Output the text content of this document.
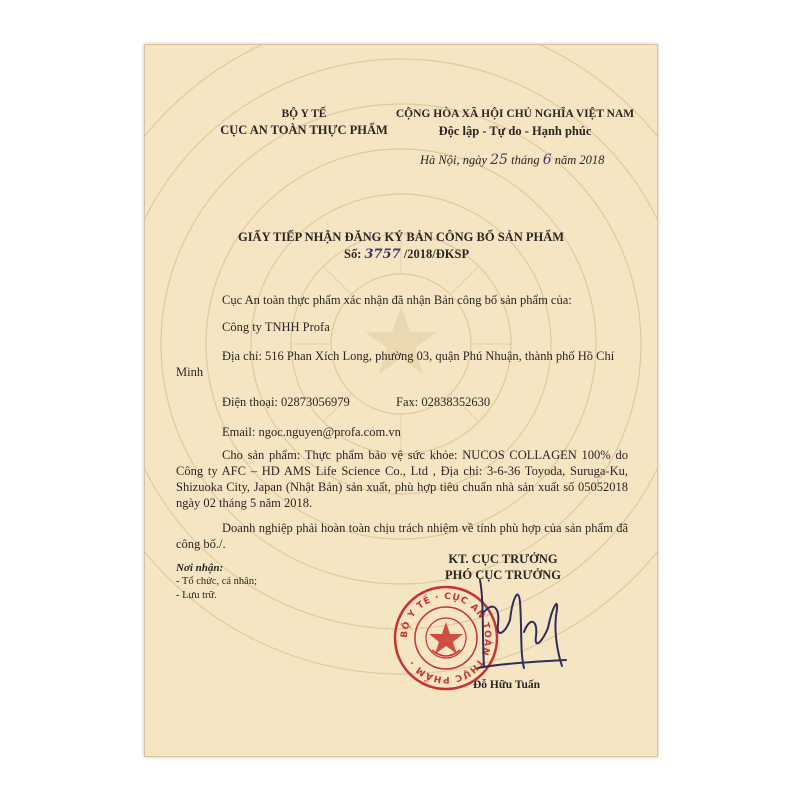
BỘ Y TẾ
CỤC AN TOÀN THỰC PHẨM
CỘNG HÒA XÃ HỘI CHỦ NGHĨA VIỆT NAM
Độc lập - Tự do - Hạnh phúc
Hà Nội, ngày 25 tháng 6 năm 2018
GIẤY TIẾP NHẬN ĐĂNG KÝ BẢN CÔNG BỐ SẢN PHẨM
Số: 3757 /2018/ĐKSP
Cục An toàn thực phẩm xác nhận đã nhận Bản công bố sản phẩm của:
Công ty TNHH Profa
Địa chỉ: 516 Phan Xích Long, phường 03, quận Phú Nhuận, thành phố Hồ Chí
Minh
Điện thoại: 02873056979	Fax: 02838352630
Email: ngoc.nguyen@profa.com.vn
Cho sản phẩm: Thực phẩm bảo vệ sức khỏe: NUCOS COLLAGEN 100% do Công ty AFC – HD AMS Life Science Co., Ltd , Địa chỉ: 3-6-36 Toyoda, Suruga-Ku, Shizuoka City, Japan (Nhật Bản) sản xuất, phù hợp tiêu chuẩn nhà sản xuất số 05052018 ngày 02 tháng 5 năm 2018.
Doanh nghiệp phải hoàn toàn chịu trách nhiệm về tính phù hợp của sản phẩm đã công bố./.
Nơi nhận:
- Tổ chức, cá nhân;
- Lưu trữ.
KT. CỤC TRƯỞNG
PHÓ CỤC TRƯỞNG
Đỗ Hữu Tuấn
BỘ Y TẾ · CỤC AN TOÀN THỰC PHẨM ·
